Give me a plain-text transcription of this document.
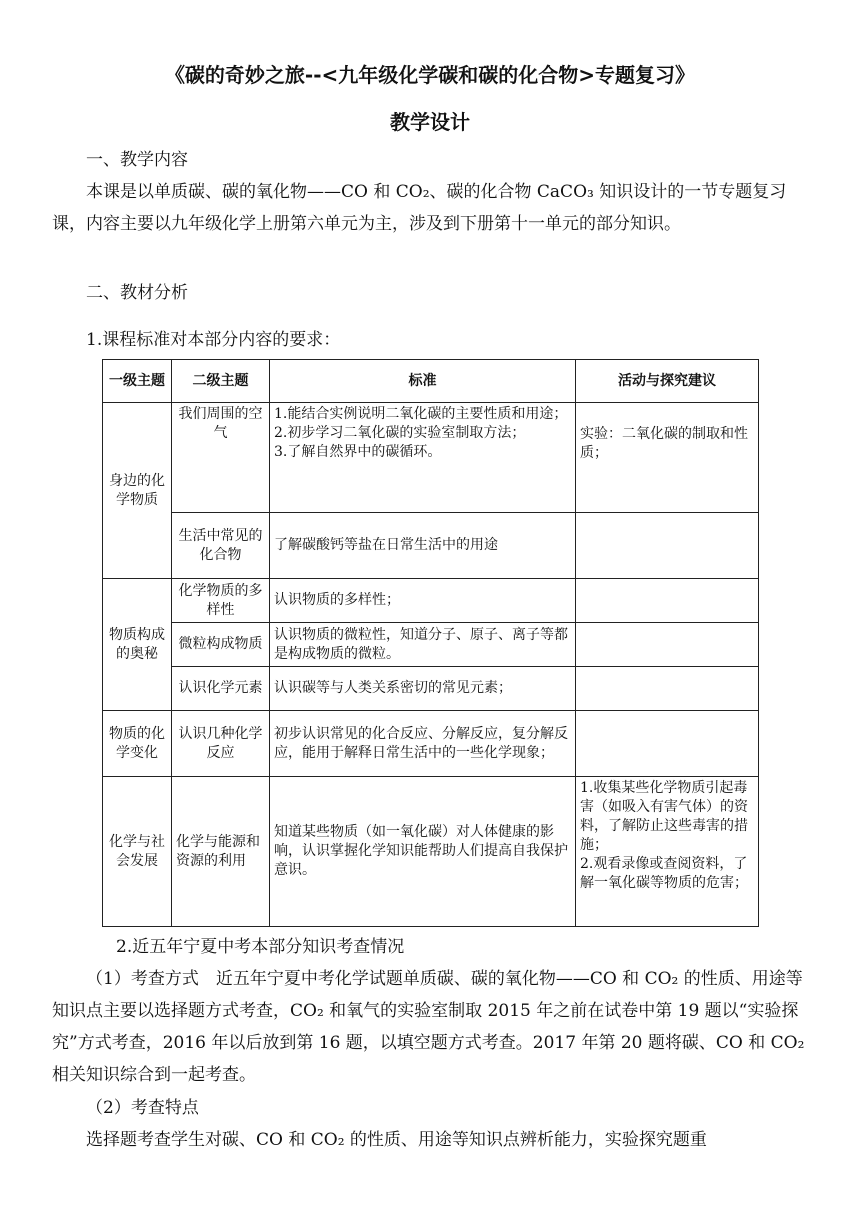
《碳的奇妙之旅--<九年级化学碳和碳的化合物>专题复习》
教学设计
一、教学内容
本课是以单质碳、碳的氧化物——CO 和 CO₂、碳的化合物 CaCO₃ 知识设计的一节专题复习课，内容主要以九年级化学上册第六单元为主，涉及到下册第十一单元的部分知识。
二、教材分析
1.课程标准对本部分内容的要求：
一级主题	二级主题	标准	活动与探究建议
身边的化学物质	我们周围的空气	1.能结合实例说明二氧化碳的主要性质和用途；
2.初步学习二氧化碳的实验室制取方法；
3.了解自然界中的碳循环。	实验：二氧化碳的制取和性质；
	生活中常见的化合物	了解碳酸钙等盐在日常生活中的用途	
物质构成的奥秘	化学物质的多样性	认识物质的多样性；	
	微粒构成物质	认识物质的微粒性，知道分子、原子、离子等都是构成物质的微粒。	
	认识化学元素	认识碳等与人类关系密切的常见元素；	
物质的化学变化	认识几种化学反应	初步认识常见的化合反应、分解反应，复分解反应，能用于解释日常生活中的一些化学现象；	
化学与社会发展	化学与能源和资源的利用	知道某些物质（如一氧化碳）对人体健康的影响，认识掌握化学知识能帮助人们提高自我保护意识。	1.收集某些化学物质引起毒害（如吸入有害气体）的资料，了解防止这些毒害的措施；
2.观看录像或查阅资料，了解一氧化碳等物质的危害；
2.近五年宁夏中考本部分知识考查情况
（1）考查方式　近五年宁夏中考化学试题单质碳、碳的氧化物——CO 和 CO₂ 的性质、用途等知识点主要以选择题方式考查，CO₂ 和氧气的实验室制取 2015 年之前在试卷中第 19 题以“实验探究”方式考查，2016 年以后放到第 16 题，以填空题方式考查。2017 年第 20 题将碳、CO 和 CO₂ 相关知识综合到一起考查。
（2）考查特点
选择题考查学生对碳、CO 和 CO₂ 的性质、用途等知识点辨析能力，实验探究题重
